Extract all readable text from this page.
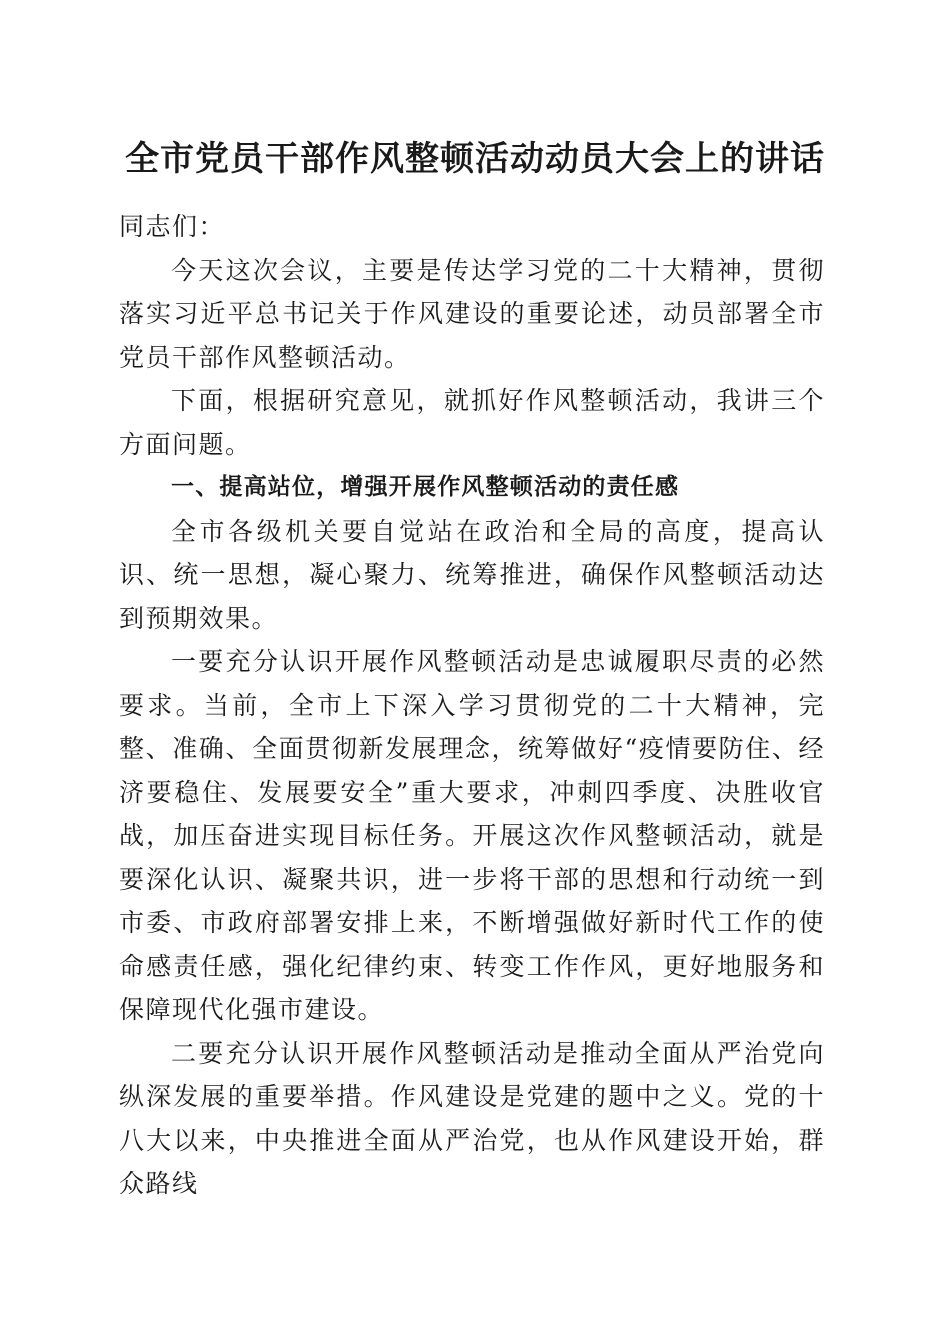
全市党员干部作风整顿活动动员大会上的讲话

同志们：

今天这次会议，主要是传达学习党的二十大精神，贯彻落实习近平总书记关于作风建设的重要论述，动员部署全市党员干部作风整顿活动。

下面，根据研究意见，就抓好作风整顿活动，我讲三个方面问题。

一、提高站位，增强开展作风整顿活动的责任感

全市各级机关要自觉站在政治和全局的高度，提高认识、统一思想，凝心聚力、统筹推进，确保作风整顿活动达到预期效果。

一要充分认识开展作风整顿活动是忠诚履职尽责的必然要求。当前，全市上下深入学习贯彻党的二十大精神，完整、准确、全面贯彻新发展理念，统筹做好“疫情要防住、经济要稳住、发展要安全”重大要求，冲刺四季度、决胜收官战，加压奋进实现目标任务。开展这次作风整顿活动，就是要深化认识、凝聚共识，进一步将干部的思想和行动统一到市委、市政府部署安排上来，不断增强做好新时代工作的使命感责任感，强化纪律约束、转变工作作风，更好地服务和保障现代化强市建设。

二要充分认识开展作风整顿活动是推动全面从严治党向纵深发展的重要举措。作风建设是党建的题中之义。党的十八大以来，中央推进全面从严治党，也从作风建设开始，群众路线
